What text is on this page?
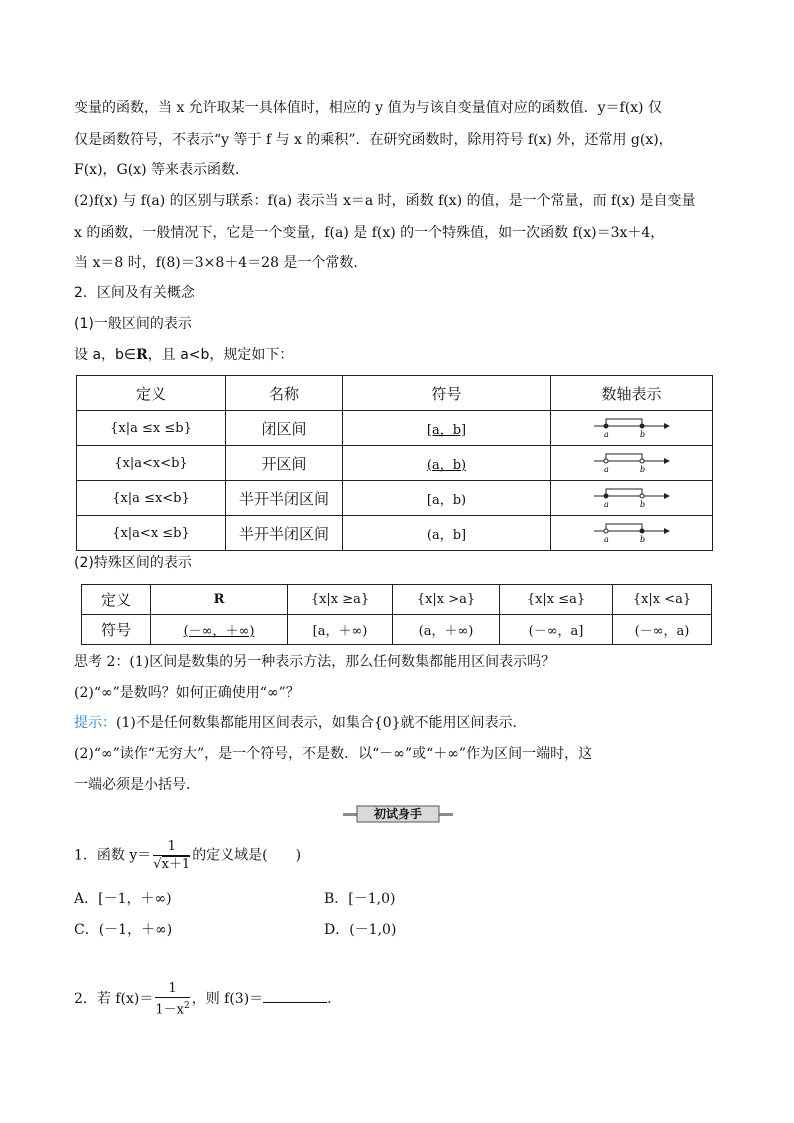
变量的函数，当 x 允许取某一具体值时，相应的 y 值为与该自变量值对应的函数值．y＝f(x) 仅
仅是函数符号，不表示“y 等于 f 与 x 的乘积”．在研究函数时，除用符号 f(x) 外，还常用 g(x)，
F(x)，G(x) 等来表示函数．
(2)f(x) 与 f(a) 的区别与联系：f(a) 表示当 x＝a 时，函数 f(x) 的值，是一个常量，而 f(x) 是自变量
x 的函数，一般情况下，它是一个变量，f(a) 是 f(x) 的一个特殊值，如一次函数 f(x)＝3x＋4，
当 x＝8 时，f(8)＝3×8＋4＝28 是一个常数．
2．区间及有关概念
(1)一般区间的表示
设 a，b∈R，且 a<b，规定如下：
定义	名称	符号	数轴表示
{x|a ≤x ≤b}	闭区间	[a，b]	a b

{x|a<x<b}	开区间	(a，b)	a b

{x|a ≤x<b}	半开半闭区间	[a，b)	a b

{x|a<x ≤b}	半开半闭区间	(a，b]	a b
(2)特殊区间的表示
定义	R	{x|x ≥a}	{x|x >a}	{x|x ≤a}	{x|x <a}
符号	(－∞，＋∞)	[a，＋∞)	(a，＋∞)	(－∞，a]	(－∞，a)
思考 2：(1)区间是数集的另一种表示方法，那么任何数集都能用区间表示吗？
(2)“∞”是数吗？如何正确使用“∞”？
提示：(1)不是任何数集都能用区间表示，如集合{0}就不能用区间表示．
(2)“∞”读作“无穷大”，是一个符号，不是数．以“－∞”或“＋∞”作为区间一端时，这
一端必须是小括号．
初试身手
1．函数 $y= \frac{1}{√x+1}$ 的定义域是(　　)
A．[－1，＋∞)	B．[－1,0)
C．(－1，＋∞)	D．(－1,0)
2．若 $f(x)= \frac{1}{1-x^2}$ ，则 f(3)＝	.
